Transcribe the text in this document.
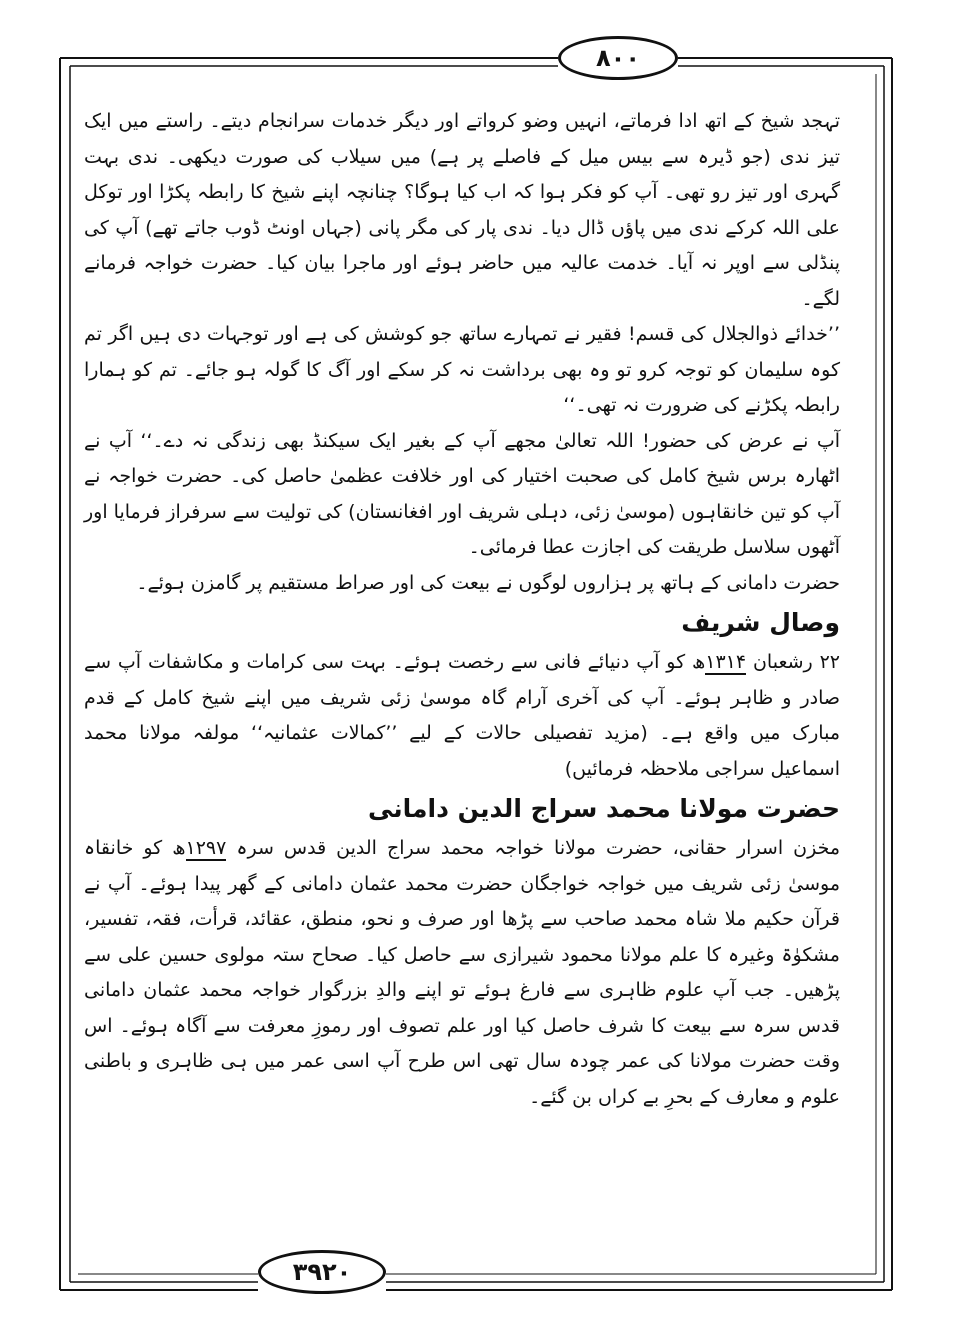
۸۰۰

تہجد شیخ کے اتھ ادا فرماتے، انہیں وضو کرواتے اور دیگر خدمات سرانجام دیتے۔ راستے میں ایک تیز ندی (جو ڈیرہ سے بیس میل کے فاصلے پر ہے) میں سیلاب کی صورت دیکھی۔ ندی بہت گہری اور تیز رو تھی۔ آپ کو فکر ہوا کہ اب کیا ہوگا؟ چنانچہ اپنے شیخ کا رابطہ پکڑا اور توکل علی اللہ کرکے ندی میں پاؤں ڈال دیا۔ ندی پار کی مگر پانی (جہاں اونٹ ڈوب جاتے تھے) آپ کی پنڈلی سے اوپر نہ آیا۔ خدمت عالیہ میں حاضر ہوئے اور ماجرا بیان کیا۔ حضرت خواجہ فرمانے لگے۔

’’خدائے ذوالجلال کی قسم! فقیر نے تمہارے ساتھ جو کوشش کی ہے اور توجہات دی ہیں اگر تم کوہ سلیمان کو توجہ کرو تو وہ بھی برداشت نہ کر سکے اور آگ کا گولہ ہو جائے۔ تم کو ہمارا رابطہ پکڑنے کی ضرورت نہ تھی۔‘‘

آپ نے عرض کی حضور! اللہ تعالیٰ مجھے آپ کے بغیر ایک سیکنڈ بھی زندگی نہ دے۔‘‘ آپ نے اٹھارہ برس شیخ کامل کی صحبت اختیار کی اور خلافت عظمیٰ حاصل کی۔ حضرت خواجہ نے آپ کو تین خانقاہوں (موسیٰ زئی، دہلی شریف اور افغانستان) کی تولیت سے سرفراز فرمایا اور آٹھوں سلاسل طریقت کی اجازت عطا فرمائی۔

حضرت دامانی کے ہاتھ پر ہزاروں لوگوں نے بیعت کی اور صراط مستقیم پر گامزن ہوئے۔

وصال شریف

۲۲ رشعبان ۱۳۱۴ھ کو آپ دنیائے فانی سے رخصت ہوئے۔ بہت سی کرامات و مکاشفات آپ سے صادر و ظاہر ہوئے۔ آپ کی آخری آرام گاہ موسیٰ زئی شریف میں اپنے شیخ کامل کے قدم مبارک میں واقع ہے۔ (مزید تفصیلی حالات کے لیے ’’کمالات عثمانیہ‘‘ مولفہ مولانا محمد اسماعیل سراجی ملاحظہ فرمائیں)

حضرت مولانا محمد سراج الدین دامانی

مخزن اسرار حقانی، حضرت مولانا خواجہ محمد سراج الدین قدس سرہ ۱۲۹۷ھ کو خانقاہ موسیٰ زئی شریف میں خواجہ خواجگان حضرت محمد عثمان دامانی کے گھر پیدا ہوئے۔ آپ نے قرآن حکیم ملا شاہ محمد صاحب سے پڑھا اور صرف و نحو، منطق، عقائد، قرأت، فقہ، تفسیر، مشکوٰۃ وغیرہ کا علم مولانا محمود شیرازی سے حاصل کیا۔ صحاح ستہ مولوی حسین علی سے پڑھیں۔ جب آپ علوم ظاہری سے فارغ ہوئے تو اپنے والدِ بزرگوار خواجہ محمد عثمان دامانی قدس سرہ سے بیعت کا شرف حاصل کیا اور علم تصوف اور رموزِ معرفت سے آگاہ ہوئے۔ اس وقت حضرت مولانا کی عمر چودہ سال تھی اس طرح آپ اسی عمر میں ہی ظاہری و باطنی علوم و معارف کے بحرِ بے کراں بن گئے۔

۳۹۲۰
